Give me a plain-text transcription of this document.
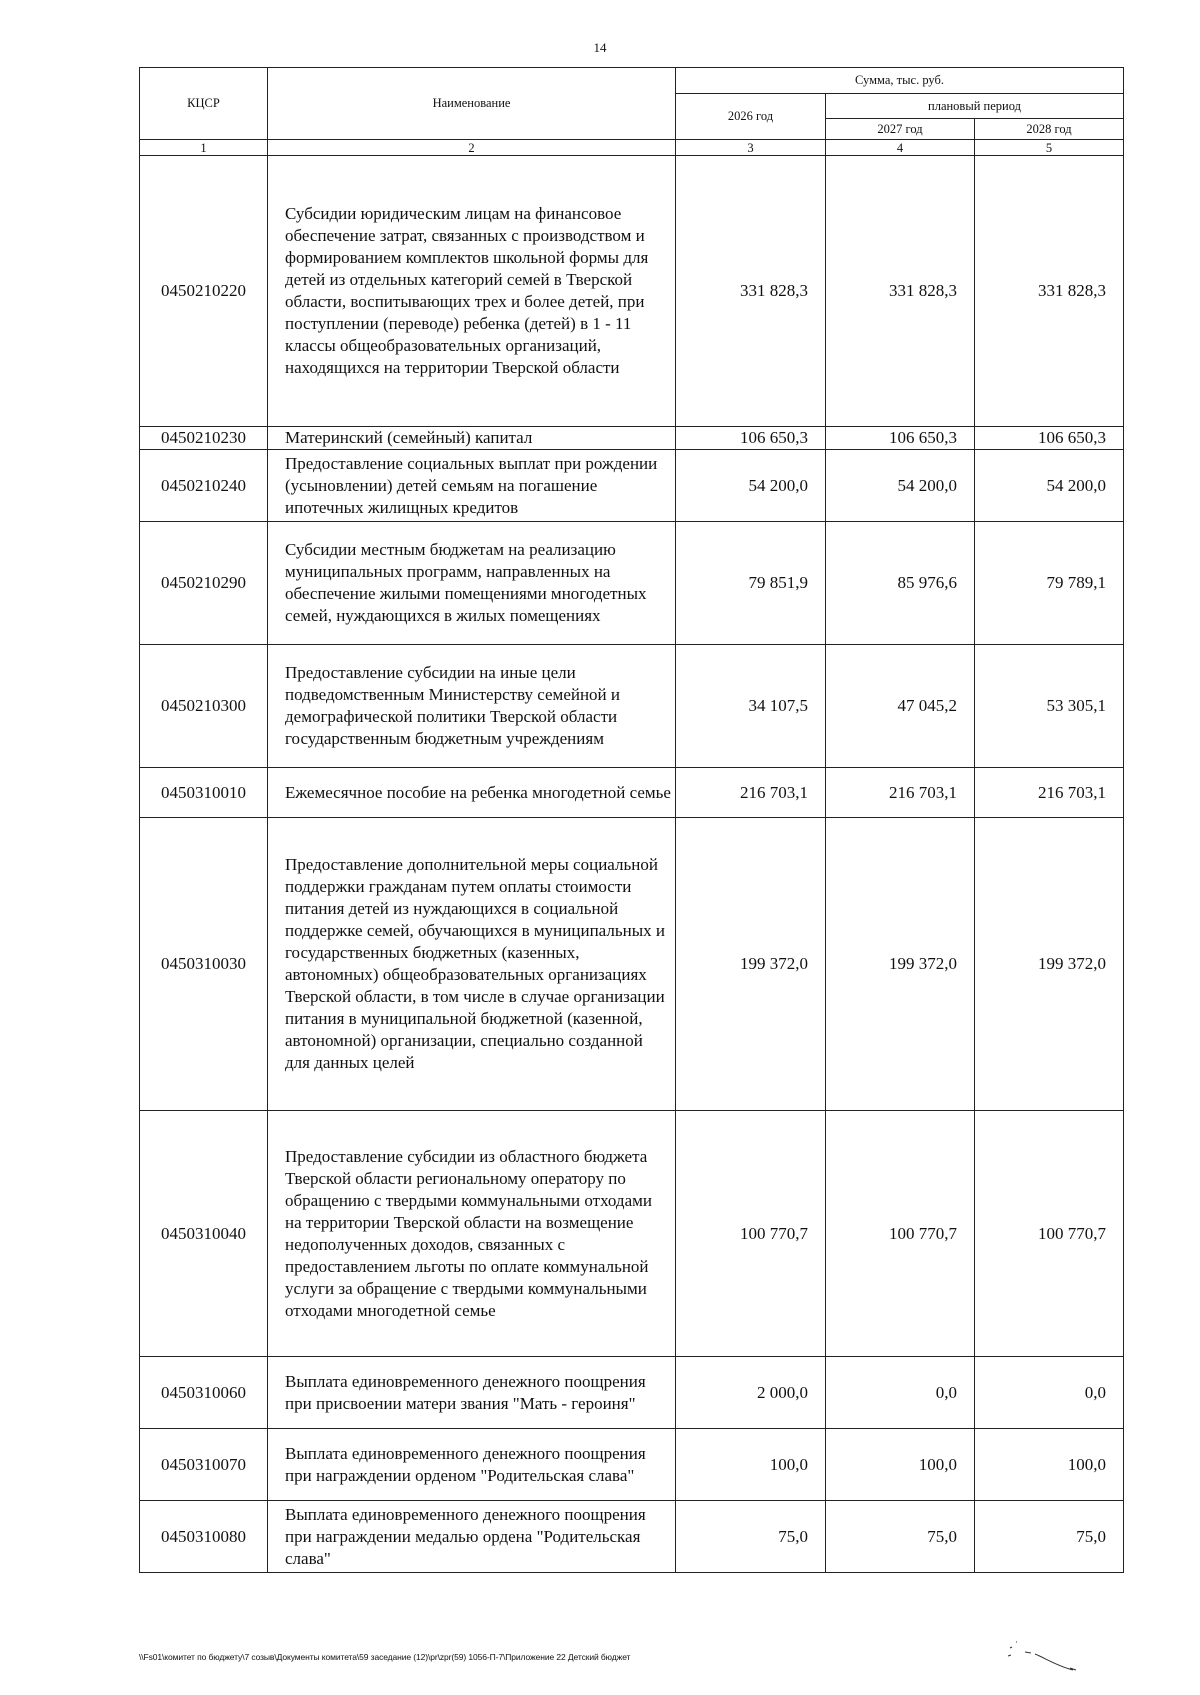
14
КЦСР	Наименование	Сумма, тыс. руб.		
		2026 год	плановый период	
			2027 год	2028 год
1	2	3	4	5
0450210220	Субсидии юридическим лицам на финансовое обеспечение затрат, связанных с производством и формированием комплектов школьной формы для детей из отдельных категорий семей в Тверской области, воспитывающих трех и более детей, при поступлении (переводе) ребенка (детей) в 1 - 11 классы общеобразовательных организаций, находящихся на территории Тверской области	331 828,3	331 828,3	331 828,3
0450210230	Материнский (семейный) капитал	106 650,3	106 650,3	106 650,3
0450210240	Предоставление социальных выплат при рождении (усыновлении) детей семьям на погашение ипотечных жилищных кредитов	54 200,0	54 200,0	54 200,0
0450210290	Субсидии местным бюджетам на реализацию муниципальных программ, направленных на обеспечение жилыми помещениями многодетных семей, нуждающихся в жилых помещениях	79 851,9	85 976,6	79 789,1
0450210300	Предоставление субсидии на иные цели подведомственным Министерству семейной и демографической политики Тверской области государственным бюджетным учреждениям	34 107,5	47 045,2	53 305,1
0450310010	Ежемесячное пособие на ребенка многодетной семье	216 703,1	216 703,1	216 703,1
0450310030	Предоставление дополнительной меры социальной поддержки гражданам путем оплаты стоимости питания детей из нуждающихся в социальной поддержке семей, обучающихся в муниципальных и государственных бюджетных (казенных, автономных) общеобразовательных организациях Тверской области, в том числе в случае организации питания в муниципальной бюджетной (казенной, автономной) организации, специально созданной для данных целей	199 372,0	199 372,0	199 372,0
0450310040	Предоставление субсидии из областного бюджета Тверской области региональному оператору по обращению с твердыми коммунальными отходами на территории Тверской области на возмещение недополученных доходов, связанных с предоставлением льготы по оплате коммунальной услуги за обращение с твердыми коммунальными отходами многодетной семье	100 770,7	100 770,7	100 770,7
0450310060	Выплата единовременного денежного поощрения при присвоении матери звания "Мать - героиня"	2 000,0	0,0	0,0
0450310070	Выплата единовременного денежного поощрения при награждении орденом "Родительская слава"	100,0	100,0	100,0
0450310080	Выплата единовременного денежного поощрения при награждении медалью ордена "Родительская слава"	75,0	75,0	75,0
\\Fs01\комитет по бюджету\7 созыв\Документы комитета\59 заседание (12)\pr\zpr(59) 1056-П-7\Приложение 22 Детский бюджет
